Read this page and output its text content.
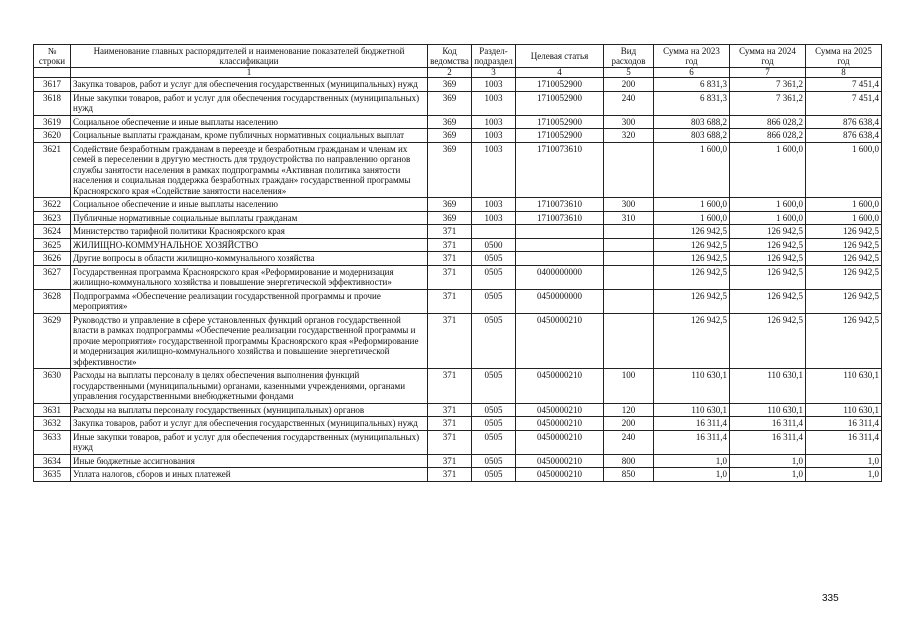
№ строки	Наименование главных распорядителей и наименование показателей бюджетной классификации	Код ведомства	Раздел-подраздел	Целевая статья	Вид расходов	Сумма на 2023 год	Сумма на 2024 год	Сумма на 2025 год
	1	2	3	4	5	6	7	8
3617	Закупка товаров, работ и услуг для обеспечения государственных (муниципальных) нужд	369	1003	1710052900	200	6 831,3	7 361,2	7 451,4
3618	Иные закупки товаров, работ и услуг для обеспечения государственных (муниципальных) нужд	369	1003	1710052900	240	6 831,3	7 361,2	7 451,4
3619	Социальное обеспечение и иные выплаты населению	369	1003	1710052900	300	803 688,2	866 028,2	876 638,4
3620	Социальные выплаты гражданам, кроме публичных нормативных социальных выплат	369	1003	1710052900	320	803 688,2	866 028,2	876 638,4
3621	Содействие безработным гражданам в переезде и безработным гражданам и членам их семей в переселении в другую местность для трудоустройства по направлению органов службы занятости населения в рамках подпрограммы «Активная политика занятости населения и социальная поддержка безработных граждан» государственной программы Красноярского края «Содействие занятости населения»	369	1003	1710073610		1 600,0	1 600,0	1 600,0
3622	Социальное обеспечение и иные выплаты населению	369	1003	1710073610	300	1 600,0	1 600,0	1 600,0
3623	Публичные нормативные социальные выплаты гражданам	369	1003	1710073610	310	1 600,0	1 600,0	1 600,0
3624	Министерство тарифной политики Красноярского края	371				126 942,5	126 942,5	126 942,5
3625	ЖИЛИЩНО-КОММУНАЛЬНОЕ ХОЗЯЙСТВО	371	0500			126 942,5	126 942,5	126 942,5
3626	Другие вопросы в области жилищно-коммунального хозяйства	371	0505			126 942,5	126 942,5	126 942,5
3627	Государственная программа Красноярского края «Реформирование и модернизация жилищно-коммунального хозяйства и повышение энергетической эффективности»	371	0505	0400000000		126 942,5	126 942,5	126 942,5
3628	Подпрограмма «Обеспечение реализации государственной программы и прочие мероприятия»	371	0505	0450000000		126 942,5	126 942,5	126 942,5
3629	Руководство и управление в сфере установленных функций органов государственной власти в рамках подпрограммы «Обеспечение реализации государственной программы и прочие мероприятия» государственной программы Красноярского края «Реформирование и модернизация жилищно-коммунального хозяйства и повышение энергетической эффективности»	371	0505	0450000210		126 942,5	126 942,5	126 942,5
3630	Расходы на выплаты персоналу в целях обеспечения выполнения функций государственными (муниципальными) органами, казенными учреждениями, органами управления государственными внебюджетными фондами	371	0505	0450000210	100	110 630,1	110 630,1	110 630,1
3631	Расходы на выплаты персоналу государственных (муниципальных) органов	371	0505	0450000210	120	110 630,1	110 630,1	110 630,1
3632	Закупка товаров, работ и услуг для обеспечения государственных (муниципальных) нужд	371	0505	0450000210	200	16 311,4	16 311,4	16 311,4
3633	Иные закупки товаров, работ и услуг для обеспечения государственных (муниципальных) нужд	371	0505	0450000210	240	16 311,4	16 311,4	16 311,4
3634	Иные бюджетные ассигнования	371	0505	0450000210	800	1,0	1,0	1,0
3635	Уплата налогов, сборов и иных платежей	371	0505	0450000210	850	1,0	1,0	1,0
335
